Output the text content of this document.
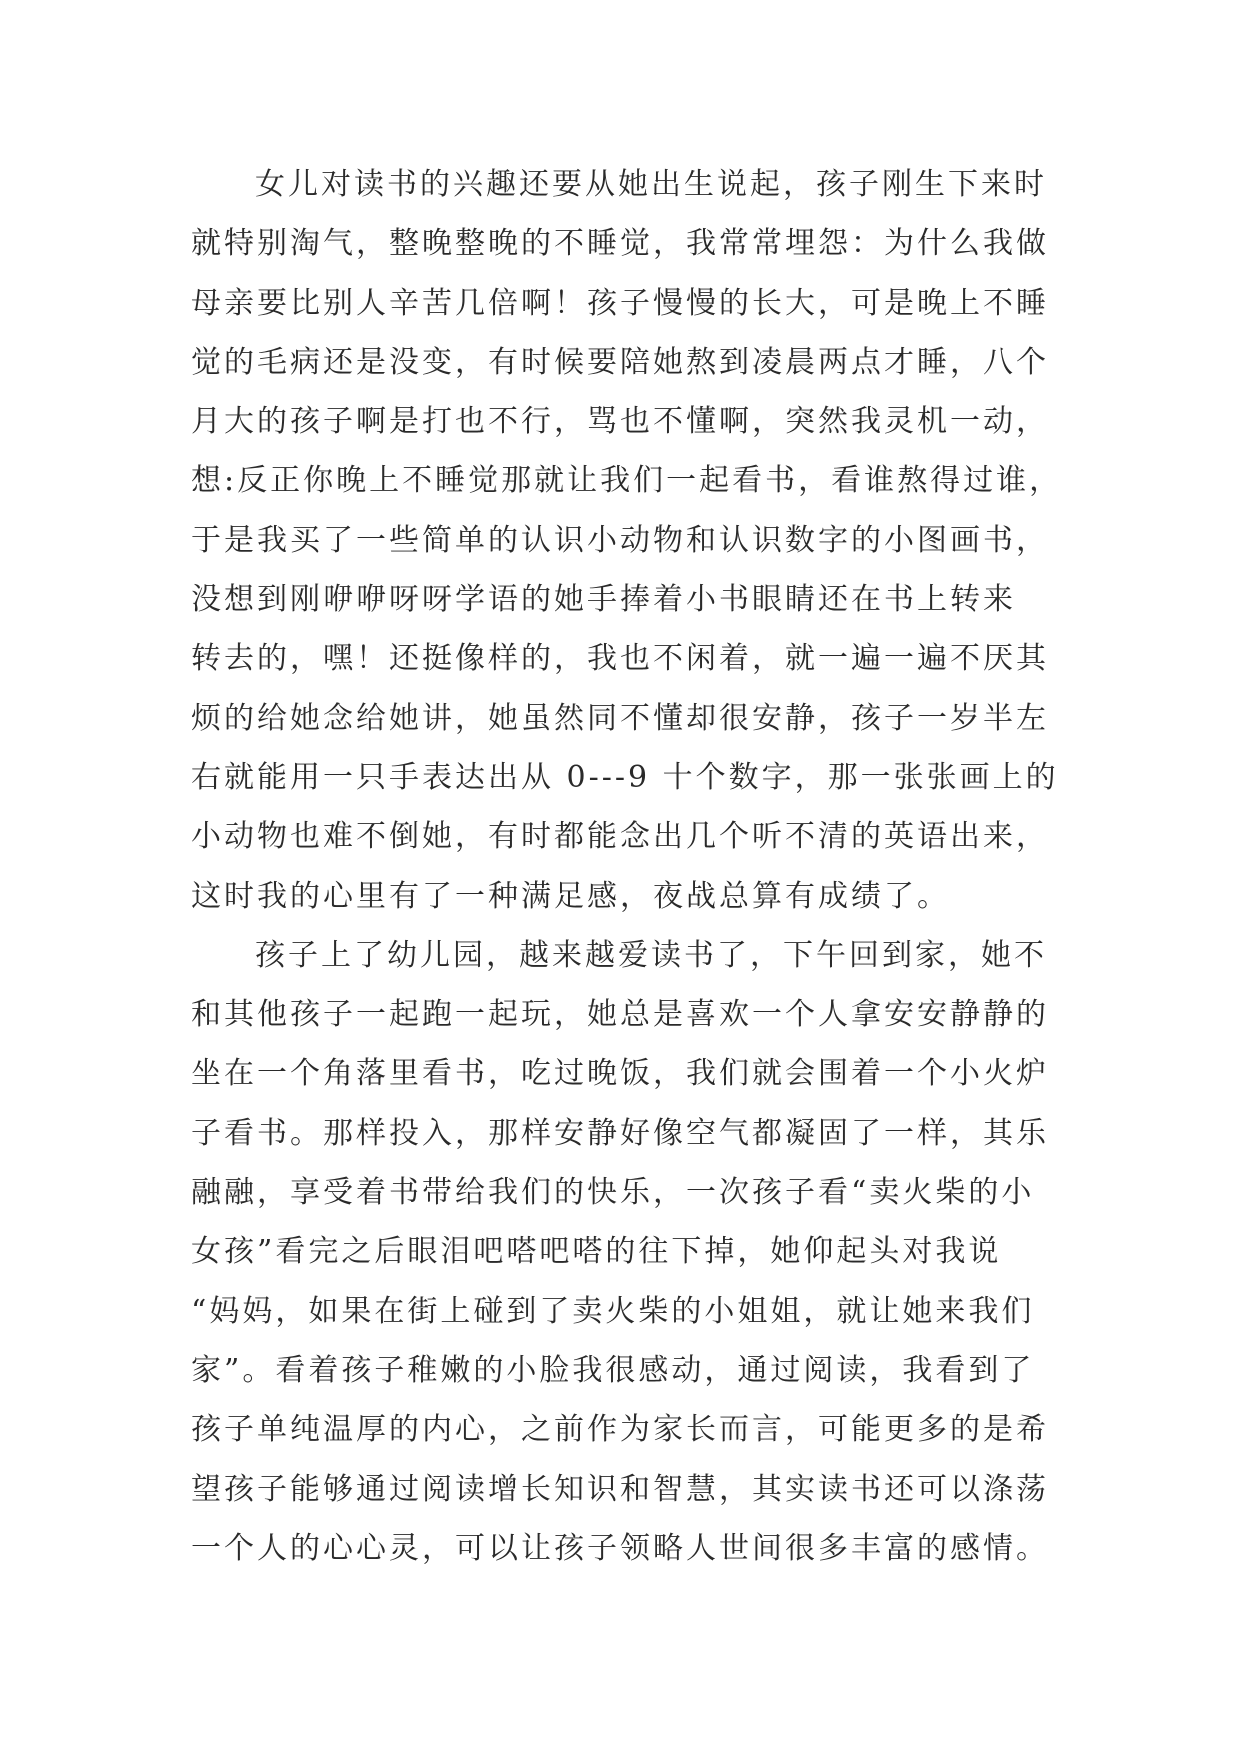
女儿对读书的兴趣还要从她出生说起，孩子刚生下来时
就特别淘气，整晚整晚的不睡觉，我常常埋怨：为什么我做
母亲要比别人辛苦几倍啊！孩子慢慢的长大，可是晚上不睡
觉的毛病还是没变，有时候要陪她熬到凌晨两点才睡，八个
月大的孩子啊是打也不行，骂也不懂啊，突然我灵机一动，
想:反正你晚上不睡觉那就让我们一起看书，看谁熬得过谁，
于是我买了一些简单的认识小动物和认识数字的小图画书，
没想到刚咿咿呀呀学语的她手捧着小书眼睛还在书上转来
转去的，嘿！还挺像样的，我也不闲着，就一遍一遍不厌其
烦的给她念给她讲，她虽然同不懂却很安静，孩子一岁半左
右就能用一只手表达出从 0---9 十个数字，那一张张画上的
小动物也难不倒她，有时都能念出几个听不清的英语出来，
这时我的心里有了一种满足感，夜战总算有成绩了。
孩子上了幼儿园，越来越爱读书了，下午回到家，她不
和其他孩子一起跑一起玩，她总是喜欢一个人拿安安静静的
坐在一个角落里看书，吃过晚饭，我们就会围着一个小火炉
子看书。那样投入，那样安静好像空气都凝固了一样，其乐
融融，享受着书带给我们的快乐，一次孩子看“卖火柴的小
女孩”看完之后眼泪吧嗒吧嗒的往下掉，她仰起头对我说
“妈妈，如果在街上碰到了卖火柴的小姐姐，就让她来我们
家”。看着孩子稚嫩的小脸我很感动，通过阅读，我看到了
孩子单纯温厚的内心，之前作为家长而言，可能更多的是希
望孩子能够通过阅读增长知识和智慧，其实读书还可以涤荡
一个人的心心灵，可以让孩子领略人世间很多丰富的感情。
